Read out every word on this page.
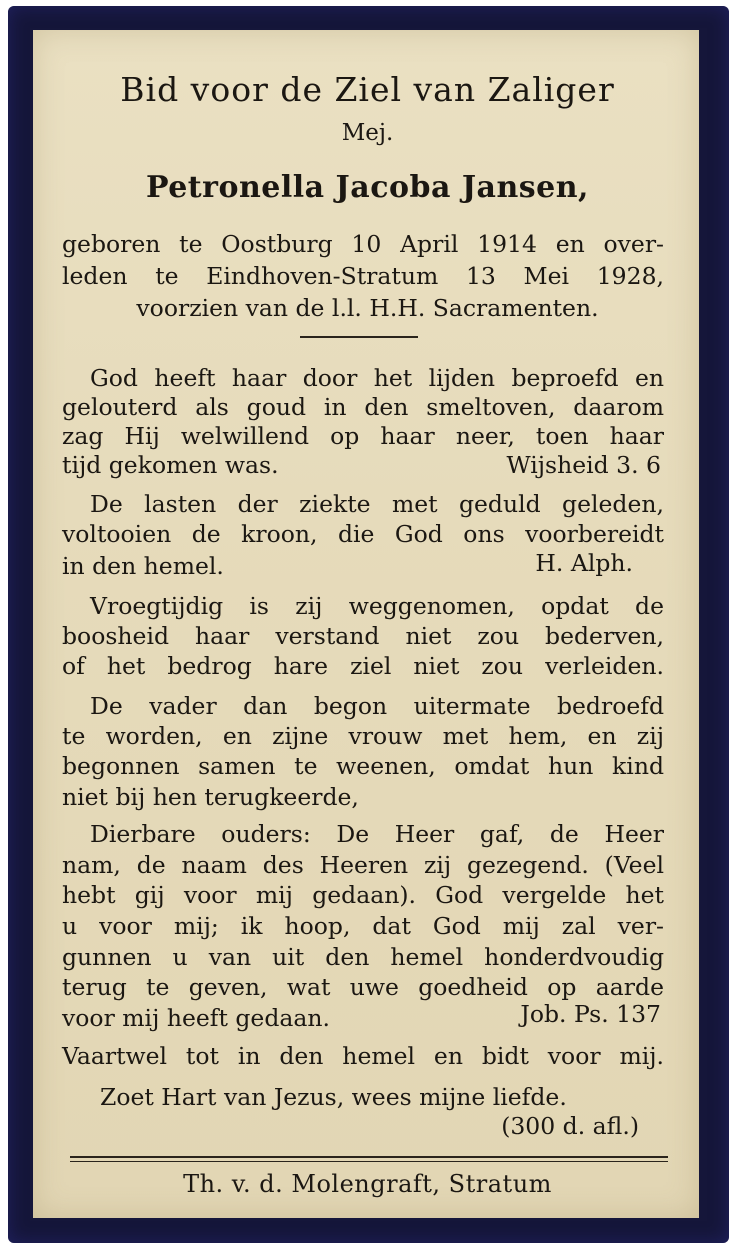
Bid voor de Ziel van Zaliger

Mej.

Petronella Jacoba Jansen,

geboren te Oostburg 10 April 1914 en over-

leden te Eindhoven-Stratum 13 Mei 1928,

voorzien van de l.l. H.H. Sacramenten.

God heeft haar door het lijden beproefd en

gelouterd als goud in den smeltoven, daarom

zag Hij welwillend op haar neer, toen haar

tijd gekomen was.	Wijsheid 3. 6

De lasten der ziekte met geduld geleden,

voltooien de kroon, die God ons voorbereidt

in den hemel.	H. Alph.

Vroegtijdig is zij weggenomen, opdat de

boosheid haar verstand niet zou bederven,

of het bedrog hare ziel niet zou verleiden.

De vader dan begon uitermate bedroefd

te worden, en zijne vrouw met hem, en zij

begonnen samen te weenen, omdat hun kind

niet bij hen terugkeerde,

Dierbare ouders: De Heer gaf, de Heer

nam, de naam des Heeren zij gezegend. (Veel

hebt gij voor mij gedaan). God vergelde het

u voor mij; ik hoop, dat God mij zal ver-

gunnen u van uit den hemel honderdvoudig

terug te geven, wat uwe goedheid op aarde

voor mij heeft gedaan.	Job. Ps. 137

Vaartwel tot in den hemel en bidt voor mij.

Zoet Hart van Jezus, wees mijne liefde.

(300 d. afl.)

Th. v. d. Molengraft, Stratum
